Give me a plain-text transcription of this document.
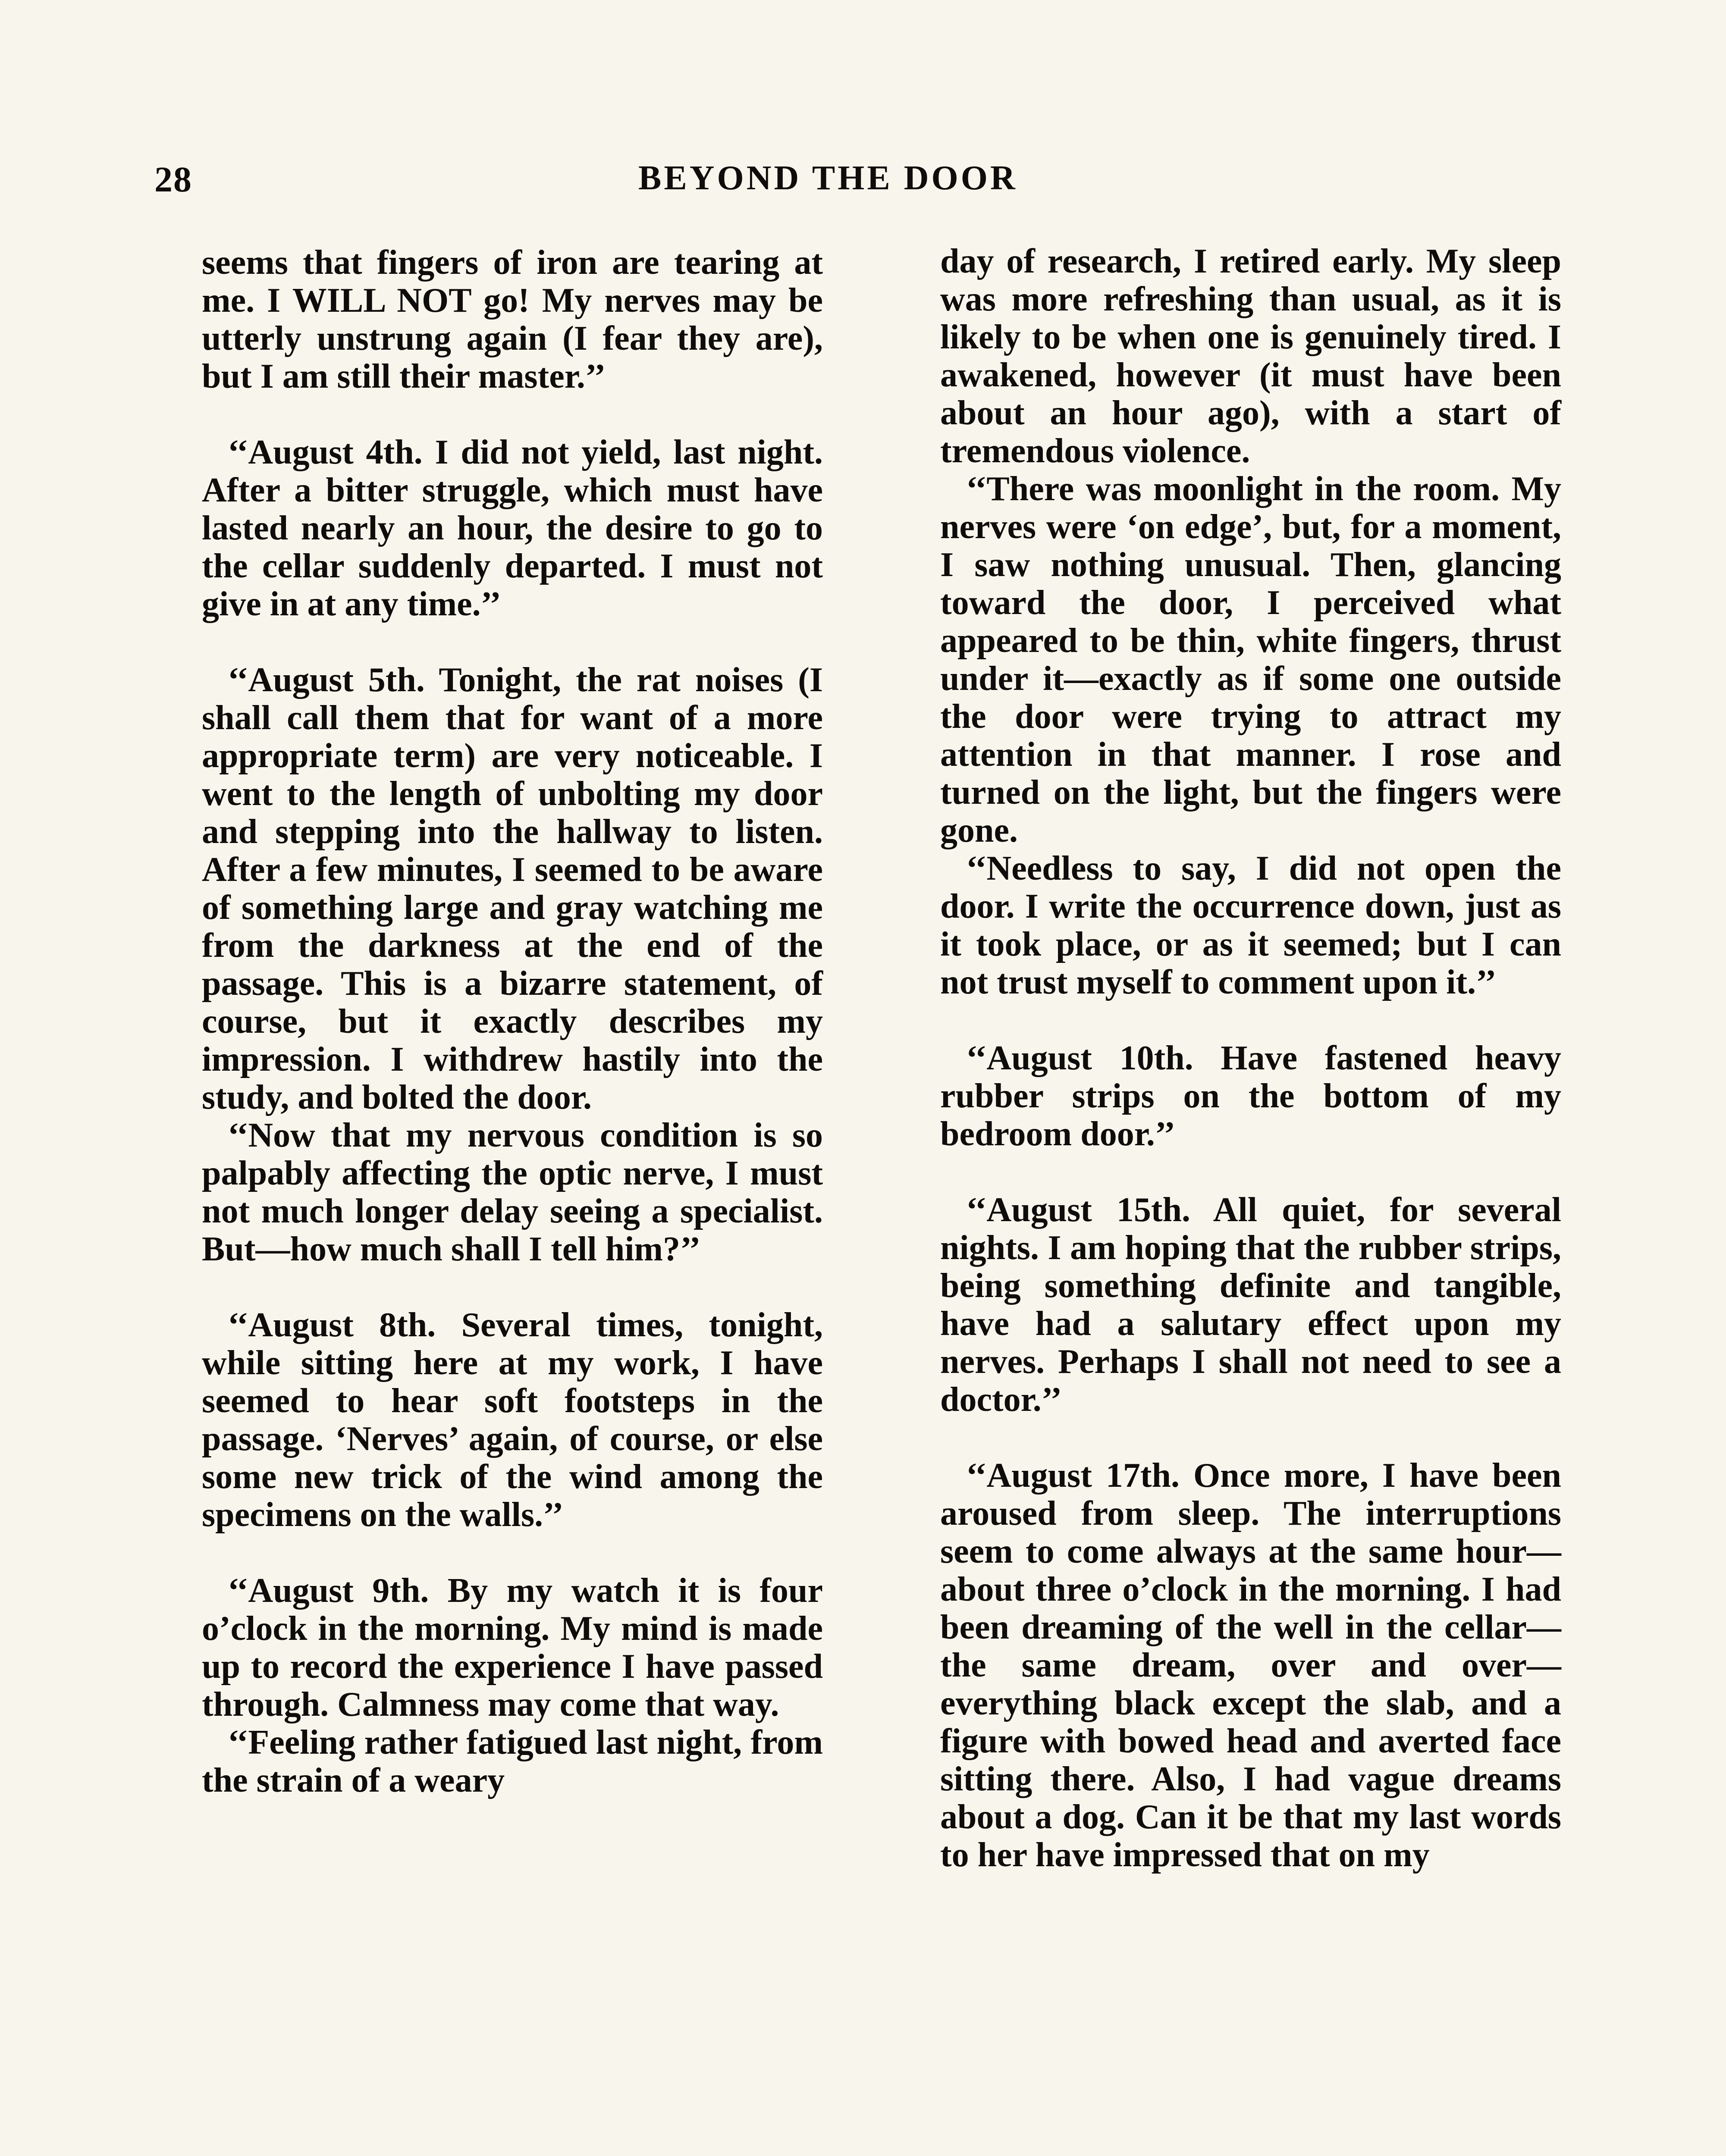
28	BEYOND THE DOOR

seems that fingers of iron are tearing at me. I WILL NOT go! My nerves may be utterly unstrung again (I fear they are), but I am still their master.’’

‘‘August 4th. I did not yield, last night. After a bitter struggle, which must have lasted nearly an hour, the desire to go to the cellar suddenly departed. I must not give in at any time.’’

‘‘August 5th. Tonight, the rat noises (I shall call them that for want of a more appropriate term) are very noticeable. I went to the length of unbolting my door and stepping into the hallway to listen. After a few minutes, I seemed to be aware of something large and gray watching me from the darkness at the end of the passage. This is a bizarre statement, of course, but it exactly describes my impression. I withdrew hastily into the study, and bolted the door.

‘‘Now that my nervous condition is so palpably affecting the optic nerve, I must not much longer delay seeing a specialist. But—how much shall I tell him?’’

‘‘August 8th. Several times, tonight, while sitting here at my work, I have seemed to hear soft footsteps in the passage. ‘Nerves’ again, of course, or else some new trick of the wind among the specimens on the walls.’’

‘‘August 9th. By my watch it is four o’clock in the morning. My mind is made up to record the experience I have passed through. Calmness may come that way.

‘‘Feeling rather fatigued last night, from the strain of a weary

day of research, I retired early. My sleep was more refreshing than usual, as it is likely to be when one is genuinely tired. I awakened, however (it must have been about an hour ago), with a start of tremendous violence.

‘‘There was moonlight in the room. My nerves were ‘on edge’, but, for a moment, I saw nothing unusual. Then, glancing toward the door, I perceived what appeared to be thin, white fingers, thrust under it—exactly as if some one outside the door were trying to attract my attention in that manner. I rose and turned on the light, but the fingers were gone.

‘‘Needless to say, I did not open the door. I write the occurrence down, just as it took place, or as it seemed; but I can not trust myself to comment upon it.’’

‘‘August 10th. Have fastened heavy rubber strips on the bottom of my bedroom door.’’

‘‘August 15th. All quiet, for several nights. I am hoping that the rubber strips, being something definite and tangible, have had a salutary effect upon my nerves. Perhaps I shall not need to see a doctor.’’

‘‘August 17th. Once more, I have been aroused from sleep. The interruptions seem to come always at the same hour—about three o’clock in the morning. I had been dreaming of the well in the cellar—the same dream, over and over—everything black except the slab, and a figure with bowed head and averted face sitting there. Also, I had vague dreams about a dog. Can it be that my last words to her have impressed that on my
